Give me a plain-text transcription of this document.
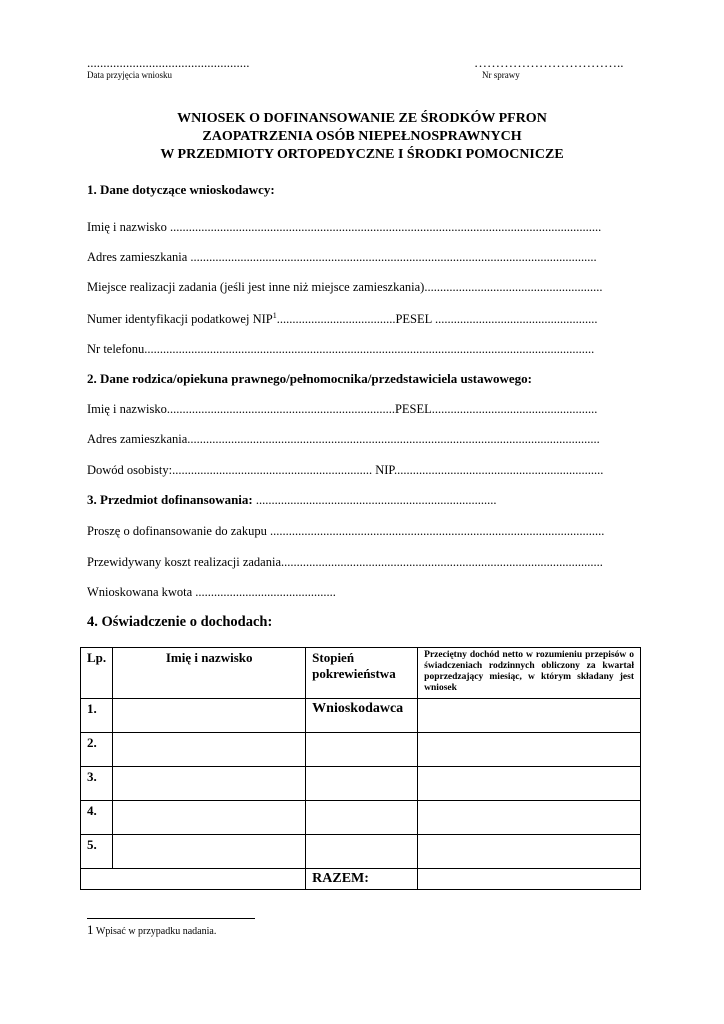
..................................................
Data przyjęcia wniosku
……………………………..
Nr sprawy
WNIOSEK O DOFINANSOWANIE ZE ŚRODKÓW PFRON
ZAOPATRZENIA OSÓB NIEPEŁNOSPRAWNYCH
W PRZEDMIOTY ORTOPEDYCZNE I ŚRODKI POMOCNICZE
1. Dane dotyczące wnioskodawcy:
Imię i nazwisko ..........................................................................................................................................
Adres zamieszkania ..................................................................................................................................
Miejsce realizacji zadania (jeśli jest inne niż miejsce zamieszkania).........................................................
Numer identyfikacji podatkowej NIP$^1$......................................PESEL ....................................................
Nr telefonu................................................................................................................................................
2. Dane rodzica/opiekuna prawnego/pełnomocnika/przedstawiciela ustawowego:
Imię i nazwisko.........................................................................PESEL.....................................................
Adres zamieszkania....................................................................................................................................
Dowód osobisty:................................................................ NIP...................................................................
3. Przedmiot dofinansowania: .............................................................................
Proszę o dofinansowanie do zakupu ...........................................................................................................
Przewidywany koszt realizacji zadania.......................................................................................................
Wnioskowana kwota .............................................
4. Oświadczenie o dochodach:
Lp.	Imię i nazwisko	Stopień pokrewieństwa	Przeciętny dochód netto w rozumieniu przepisów o świadczeniach rodzinnych obliczony za kwartał poprzedzający miesiąc, w którym składany jest wniosek
1.		Wnioskodawca	
2.			
3.			
4.			
5.			
		RAZEM:	
1 Wpisać w przypadku nadania.
